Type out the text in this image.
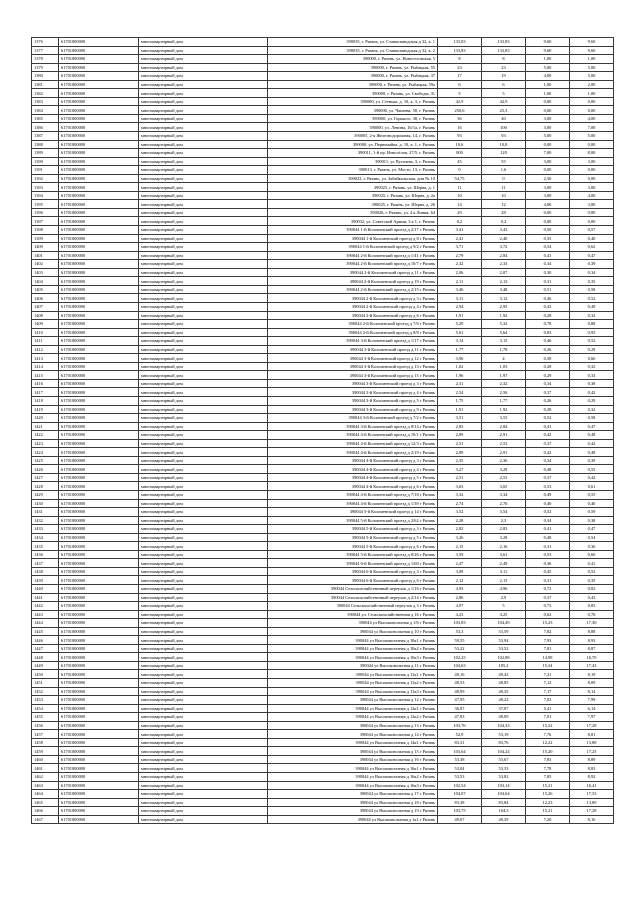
1376	61701000000	многоквартирный дом	390035, г. Рязань, ул. Станкозаводская д 32, к. 1	133,83	133,83	9,60	9,60
1377	61701000000	многоквартирный дом	390035, г. Рязань, ул. Станкозаводская д 32, к. 2	133,83	133,83	9,60	9,60
1378	61701000000	многоквартирный дом	390000, г. Рязань, ул. Новоселовская, 5	8	8	1,00	1,00
1379	61701000000	многоквартирный дом	390000, г. Рязань, ул. Рыбацкая, 55	23	23	5,00	5,00
1380	61701000000	многоквартирный дом	390000, г. Рязань, ул. Рыбацкая, 37	17	19	4,00	5,00
1381	61701000000	многоквартирный дом	390000, г. Рязань, ул. Рыбацкая, 59а	6	6	1,00	2,00
1382	61701000000	многоквартирный дом	390000, г. Рязань, ул. Свободы, 31	5	5	1,00	1,00
1383	61701000000	многоквартирный дом	390000, ул. Стенька, д. 10, к. 3, г. Рязань	42,9	42,9	0,00	0,00
1384	61701000000	многоквартирный дом	390000, ул. Чапаева, 58, г. Рязань	250,6	25,3	0,00	0,00
1385	61701000000	многоквартирный дом	390000, ул. Горького, 38, г. Рязань	36	40	3,00	4,00
1386	61701000000	многоквартирный дом	390000, ул. Ленина, 16/1а, г. Рязань	16	100	3,00	7,00
1387	61701000000	многоквартирный дом	390005, 2-я Железнодорожная, 14, г. Рязань	93	93	5,00	5,00
1388	61701000000	многоквартирный дом	390000, ул. Первомайка, д. 10, к. 1, г. Рязань	10,6	10,8	0,00	0,00
1389	61701000000	многоквартирный дом	390011, 1-й пр. Новосёлов, 27/5, г. Рязань	800	120	7,00	8,00
1390	61701000000	многоквартирный дом	390011, ул Пугачева, 3, г. Рязань	45	55	3,00	3,00
1391	61701000000	многоквартирный дом	390013, г. Рязань, ул. Мосто, 13, г. Рязань	0	1,6	0,00	0,00
1392	61701000000	многоквартирный дом	390023, г. Рязань, ул. Забайкальская, дом № 10	54,75	0	2,50	0,00
1393	61701000000	многоквартирный дом	390025, г. Рязань, ул. Шерва, д. 1	11	11	3,00	3,00
1394	61701000000	многоквартирный дом	390025, г. Рязань, ул. Шерва, д. 2а	10	10	3,00	4,00
1395	61701000000	многоквартирный дом	390025, г. Рязань, ул. Шерва, д. 26	14	12	4,00	3,00
1396	61701000000	многоквартирный дом	390026, г. Рязань, ул. 4 я Линия, 64	29	28	0,00	0,00
1397	61701000000	многоквартирный дом	390032, ул. Советской Армии, 3 к 1, г. Рязань	0,2	0,2	0,00	0,00
1398	61701000000	многоквартирный дом	390044 1-й Коломенский проезд д 2/17 г Рязань	3,41	3,43	0,50	0,57
1399	61701000000	многоквартирный дом	390044 1-й Коломенский проезд д 8 г Рязань	2,41	2,40	0,35	0,40
1400	61701000000	многоквартирный дом	390044 1-й Коломенский проезд д 9/2 г Рязань	3,71	3,72	0,54	0,62
1401	61701000000	многоквартирный дом	390044 2-й Коломенский проезд д 1/41 г Рязань	2,79	2,84	0,41	0,47
1402	61701000000	многоквартирный дом	390044 2-й Коломенский проезд д 10/7 г Рязань	2,32	2,33	0,34	0,39
1403	61701000000	многоквартирный дом	390044 2-й Коломенский проезд д 11 г Рязань	2,06	2,07	0,30	0,34
1404	61701000000	многоквартирный дом	390044 2-й Коломенский проезд д 19 г Рязань	2,11	2,13	0,31	0,35
1405	61701000000	многоквартирный дом	390044 2-й Коломенский проезд д 2/15 г Рязань	3,46	3,48	0,51	0,58
1406	61701000000	многоквартирный дом	390044 2-й Коломенский проезд д 3 г Рязань	3,11	3,12	0,46	0,52
1407	61701000000	многоквартирный дом	390044 2-й Коломенский проезд д 4 г Рязань	2,94	2,95	0,43	0,49
1408	61701000000	многоквартирный дом	390044 2-й Коломенский проезд д 6 г Рязань	1,91	1,92	0,28	0,32
1409	61701000000	многоквартирный дом	390044 2-й Коломенский проезд д 7/6 г Рязань	5,29	5,32	0,78	0,88
1410	61701000000	многоквартирный дом	390044 2-й Коломенский проезд д 8/8 г Рязань	5,61	5,64	0,83	0,93
1411	61701000000	многоквартирный дом	390044 3-й Коломенский проезд д 1/17 г Рязань	3,14	3,15	0,46	0,52
1412	61701000000	многоквартирный дом	390044 3-й Коломенский проезд д 11 г Рязань	1,77	1,78	0,26	0,29
1413	61701000000	многоквартирный дом	390044 3-й Коломенский проезд д 12 г Рязань	3,96	4	0,58	0,66
1414	61701000000	многоквартирный дом	390044 3-й Коломенский проезд д 13 г Рязань	1,02	1,03	0,28	0,32
1415	61701000000	многоквартирный дом	390044 3-й Коломенский проезд д 15 г Рязань	1,96	1,97	0,29	0,33
1416	61701000000	многоквартирный дом	390044 3-й Коломенский проезд д 3 г Рязань	2,31	2,32	0,34	0,38
1417	61701000000	многоквартирный дом	390044 3-й Коломенский проезд д 4 г Рязань	2,54	2,56	0,37	0,42
1418	61701000000	многоквартирный дом	390044 3-й Коломенский проезд д 5 г Рязань	1,75	1,77	0,26	0,29
1419	61701000000	многоквартирный дом	390044 3-й Коломенский проезд д 9 г Рязань	1,91	1,92	0,28	0,32
1420	61701000000	многоквартирный дом	390044 3-й Коломенский проезд д 7/2 г Рязань	3,51	3,53	0,52	0,58
1421	61701000000	многоквартирный дом	390044 3-й Коломенский проезд д 8/14 г Рязань	2,83	2,84	0,41	0,47
1422	61701000000	многоквартирный дом	390044 4-й Коломенский проезд д 10/1 г Рязань	2,89	2,91	0,42	0,48
1423	61701000000	многоквартирный дом	390044 4-й Коломенский проезд д 12/3 г Рязань	2,51	2,53	0,37	0,42
1424	61701000000	многоквартирный дом	390044 4-й Коломенский проезд д 2/19 г Рязань	2,89	2,91	0,42	0,48
1425	61701000000	многоквартирный дом	390044 4-й Коломенский проезд д 3 г Рязань	2,35	2,36	0,34	0,39
1426	61701000000	многоквартирный дом	390044 4-й Коломенский проезд д 4 г Рязань	3,27	3,29	0,48	0,55
1427	61701000000	многоквартирный дом	390044 4-й Коломенский проезд д 5 г Рязань	2,51	2,53	0,37	0,42
1428	61701000000	многоквартирный дом	390044 4-й Коломенский проезд д 6 г Рязань	3,63	3,65	0,53	0,61
1429	61701000000	многоквартирный дом	390044 4-й Коломенский проезд д 7/18 г Рязань	3,32	3,34	0,49	0,55
1430	61701000000	многоквартирный дом	390044 4-й Коломенский проезд д 1/39 г Рязань	2,74	2,76	0,40	0,46
1431	61701000000	многоквартирный дом	390044 5-й Коломенский проезд д 14 г Рязань	3,52	3,54	0,52	0,59
1432	61701000000	многоквартирный дом	390044 5-й Коломенский проезд д 2/62 г Рязань	2,28	2,3	0,34	0,38
1433	61701000000	многоквартирный дом	390044 5-й Коломенский проезд д 3 г Рязань	2,82	2,83	0,41	0,47
1434	61701000000	многоквартирный дом	390044 5-й Коломенский проезд д 5 г Рязань	3,26	3,28	0,48	0,54
1435	61701000000	многоквартирный дом	390044 5-й Коломенский проезд д 6 г Рязань	2,15	2,16	0,31	0,36
1436	61701000000	многоквартирный дом	390044 5-й Коломенский проезд д 8/26 г Рязань	3,59	3,61	0,53	0,60
1437	61701000000	многоквартирный дом	390044 6-й Коломенский проезд д 1/60 г Рязань	2,47	2,49	0,36	0,41
1438	61701000000	многоквартирный дом	390044 6-й Коломенский проезд д 3 г Рязань	3,08	3,11	0,45	0,52
1439	61701000000	многоквартирный дом	390044 6-й Коломенский проезд д 6 г Рязань	2,12	2,13	0,31	0,35
1440	61701000000	многоквартирный дом	390044 Сельскохозяйственный переулок д 1/16 г Рязань	4,93	4,96	0,72	0,82
1441	61701000000	многоквартирный дом	390044 Сельскохозяйственный переулок д 2/14 г Рязань	2,86	2,9	0,37	0,43
1442	61701000000	многоквартирный дом	390044 Сельскохозяйственный переулок д 3 г Рязань	4,97	5	0,73	0,83
1443	61701000000	многоквартирный дом	390044 ул. Сельскохозяйственная д 16 г Рязань	4,23	4,25	0,62	0,70
1444	61701000000	многоквартирный дом	390044 ул Высоковольтная д 1/6 г Рязань	103,83	104,49	15,23	17,30
1445	61701000000	многоквартирный дом	390044 ул Высоковольтная д 10 г Рязань	53,3	53,59	7,82	8,88
1446	61701000000	многоквартирный дом	390044 ул Высоковольтная д 10к1 г Рязань	59,55	53,94	7,93	8,93
1447	61701000000	многоквартирный дом	390044 ул Высоковольтная д 10к2 г Рязань	53,22	53,52	7,81	8,87
1448	61701000000	многоквартирный дом	390044 ул Высоковольтная д 10к3 г Рязань	102,25	102,88	14,98	16,70
1449	61701000000	многоквартирный дом	390044 ул Высоковольтная д 11 г Рязань	104,63	105,2	15,34	17,43
1450	61701000000	многоквартирный дом	390044 ул Высоковольтная д 11к1 г Рязань	49,16	49,43	7,21	8,19
1451	61701000000	многоквартирный дом	390044 ул Высоковольтная д 11к2 г Рязань	48,53	48,85	7,12	8,09
1452	61701000000	многоквартирный дом	390044 ул Высоковольтная д 11к3 г Рязань	48,99	49,35	7,17	8,14
1453	61701000000	многоквартирный дом	390044 ул Высоковольтная д 12 г Рязань	47,95	48,22	7,03	7,99
1454	61701000000	многоквартирный дом	390044 ул Высоковольтная д 12к1 г Рязань	36,87	37,07	5,41	6,14
1455	61701000000	многоквартирный дом	390044 ул Высоковольтная д 12к2 г Рязань	47,83	48,09	7,01	7,97
1456	61701000000	многоквартирный дом	390044 ул Высоковольтная д 13 г Рязань	103,76	104,33	15,22	17,28
1457	61701000000	многоквартирный дом	390044 ул Высоковольтная д 14 г Рязань	52,9	53,19	7,76	8,81
1458	61701000000	многоквартирный дом	390044 ул Высоковольтная д 14к1 г Рязань	83,31	83,76	12,22	13,88
1459	61701000000	многоквартирный дом	390044 ул Высоковольтная д 15 г Рязань	103,64	104,24	15,20	17,25
1460	61701000000	многоквартирный дом	390044 ул Высоковольтная д 16 г Рязань	53,38	53,67	7,83	8,89
1461	61701000000	многоквартирный дом	390044 ул Высоковольтная д 16к1 г Рязань	53,04	53,33	7,78	8,83
1462	61701000000	многоквартирный дом	390044 ул Высоковольтная д 16к2 г Рязань	53,53	53,82	7,85	8,92
1463	61701000000	многоквартирный дом	390044 ул Высоковольтная д 16к3 г Рязань	102,54	103,14	15,21	16,41
1464	61701000000	многоквартирный дом	390044 ул Высоковольтная д 17 г Рязань	104,07	104,64	15,26	17,33
1465	61701000000	многоквартирный дом	390044 ул Высоковольтная д 18 г Рязань	83,38	83,84	12,23	13,89
1466	61701000000	многоквартирный дом	390044 ул Высоковольтная д 19 г Рязань	103,75	104,3	15,21	17,28
1467	61701000000	многоквартирный дом	390044 ул Высоковольтная д 1к1 г Рязань	49,07	49,39	7,20	8,16
